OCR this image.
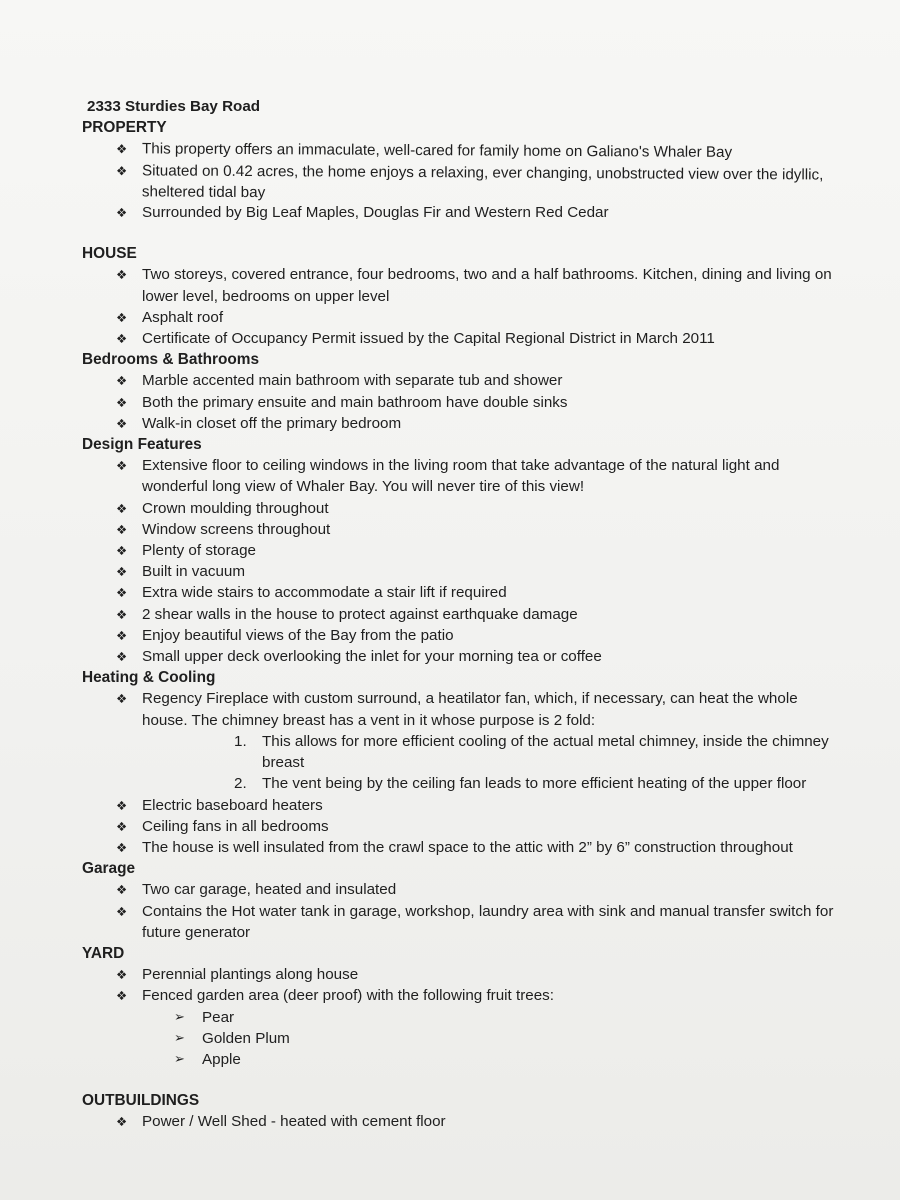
2333 Sturdies Bay Road
PROPERTY
❖ This property offers an immaculate, well-cared for family home on Galiano's Whaler Bay
❖ Situated on 0.42 acres, the home enjoys a relaxing, ever changing, unobstructed view over the idyllic, sheltered tidal bay
❖ Surrounded by Big Leaf Maples, Douglas Fir and Western Red Cedar
HOUSE
❖ Two storeys, covered entrance, four bedrooms, two and a half bathrooms. Kitchen, dining and living on lower level, bedrooms on upper level
❖ Asphalt roof
❖ Certificate of Occupancy Permit issued by the Capital Regional District in March 2011
Bedrooms & Bathrooms
❖ Marble accented main bathroom with separate tub and shower
❖ Both the primary ensuite and main bathroom have double sinks
❖ Walk-in closet off the primary bedroom
Design Features
❖ Extensive floor to ceiling windows in the living room that take advantage of the natural light and wonderful long view of Whaler Bay. You will never tire of this view!
❖ Crown moulding throughout
❖ Window screens throughout
❖ Plenty of storage
❖ Built in vacuum
❖ Extra wide stairs to accommodate a stair lift if required
❖ 2 shear walls in the house to protect against earthquake damage
❖ Enjoy beautiful views of the Bay from the patio
❖ Small upper deck overlooking the inlet for your morning tea or coffee
Heating & Cooling
❖ Regency Fireplace with custom surround, a heatilator fan, which, if necessary, can heat the whole house. The chimney breast has a vent in it whose purpose is 2 fold:
1. This allows for more efficient cooling of the actual metal chimney, inside the chimney breast
2. The vent being by the ceiling fan leads to more efficient heating of the upper floor
❖ Electric baseboard heaters
❖ Ceiling fans in all bedrooms
❖ The house is well insulated from the crawl space to the attic with 2” by 6” construction throughout
Garage
❖ Two car garage, heated and insulated
❖ Contains the Hot water tank in garage, workshop, laundry area with sink and manual transfer switch for future generator
YARD
❖ Perennial plantings along house
❖ Fenced garden area (deer proof) with the following fruit trees:
➢ Pear
➢ Golden Plum
➢ Apple
OUTBUILDINGS
❖ Power / Well Shed - heated with cement floor
